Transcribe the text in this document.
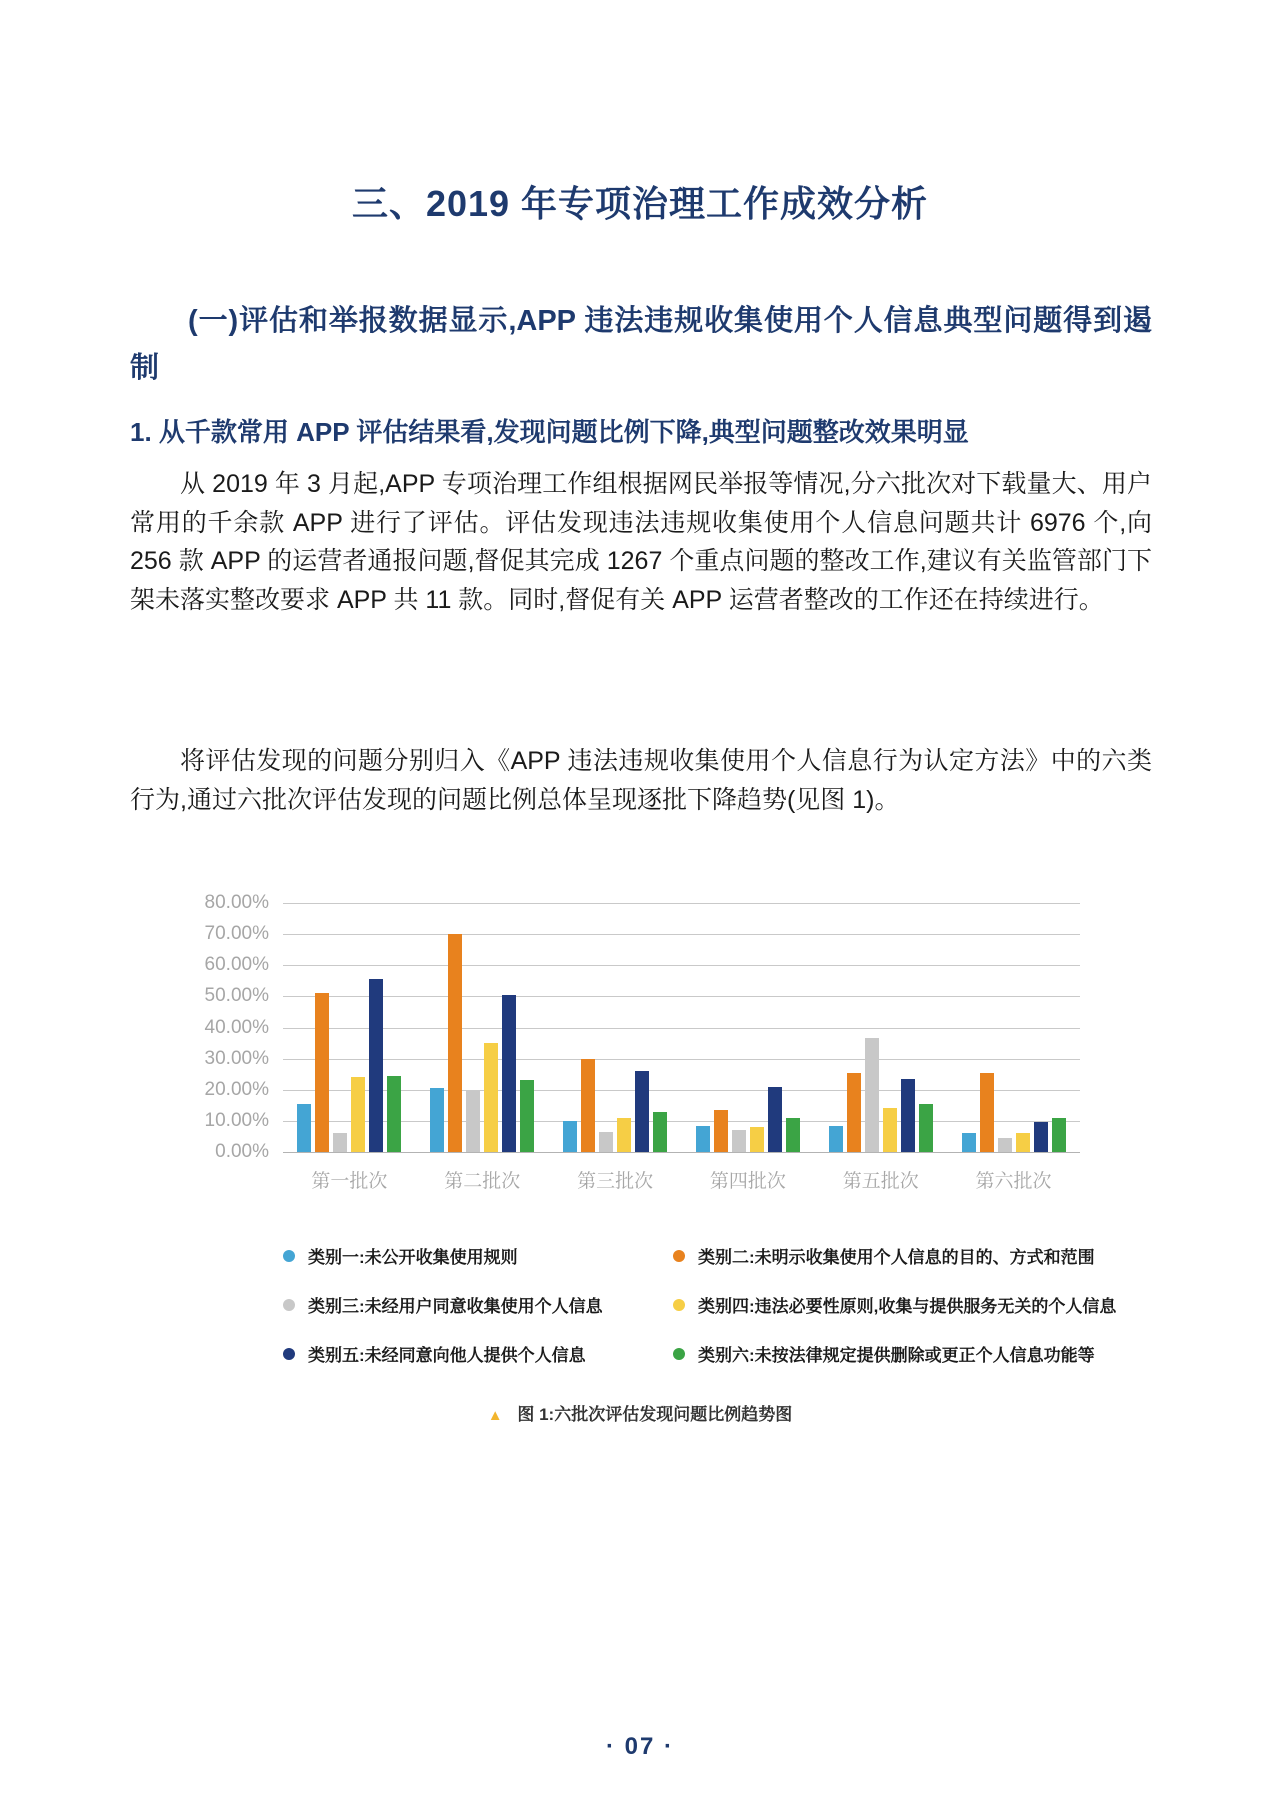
三、2019 年专项治理工作成效分析
(一)评估和举报数据显示,APP 违法违规收集使用个人信息典型问题得到遏制
1. 从千款常用 APP 评估结果看,发现问题比例下降,典型问题整改效果明显

从 2019 年 3 月起,APP 专项治理工作组根据网民举报等情况,分六批次对下载量大、用户常用的千余款 APP 进行了评估。评估发现违法违规收集使用个人信息问题共计 6976 个,向 256 款 APP 的运营者通报问题,督促其完成 1267 个重点问题的整改工作,建议有关监管部门下架未落实整改要求 APP 共 11 款。同时,督促有关 APP 运营者整改的工作还在持续进行。

将评估发现的问题分别归入《APP 违法违规收集使用个人信息行为认定方法》中的六类行为,通过六批次评估发现的问题比例总体呈现逐批下降趋势(见图 1)。

80.00%
70.00%
60.00%
50.00%
40.00%
30.00%
20.00%
10.00%
0.00%
第一批次	第二批次	第三批次	第四批次	第五批次	第六批次
类别一:未公开收集使用规则	类别二:未明示收集使用个人信息的目的、方式和范围
类别三:未经用户同意收集使用个人信息	类别四:违法必要性原则,收集与提供服务无关的个人信息
类别五:未经同意向他人提供个人信息	类别六:未按法律规定提供删除或更正个人信息功能等
▲ 图 1:六批次评估发现问题比例趋势图
· 07 ·
